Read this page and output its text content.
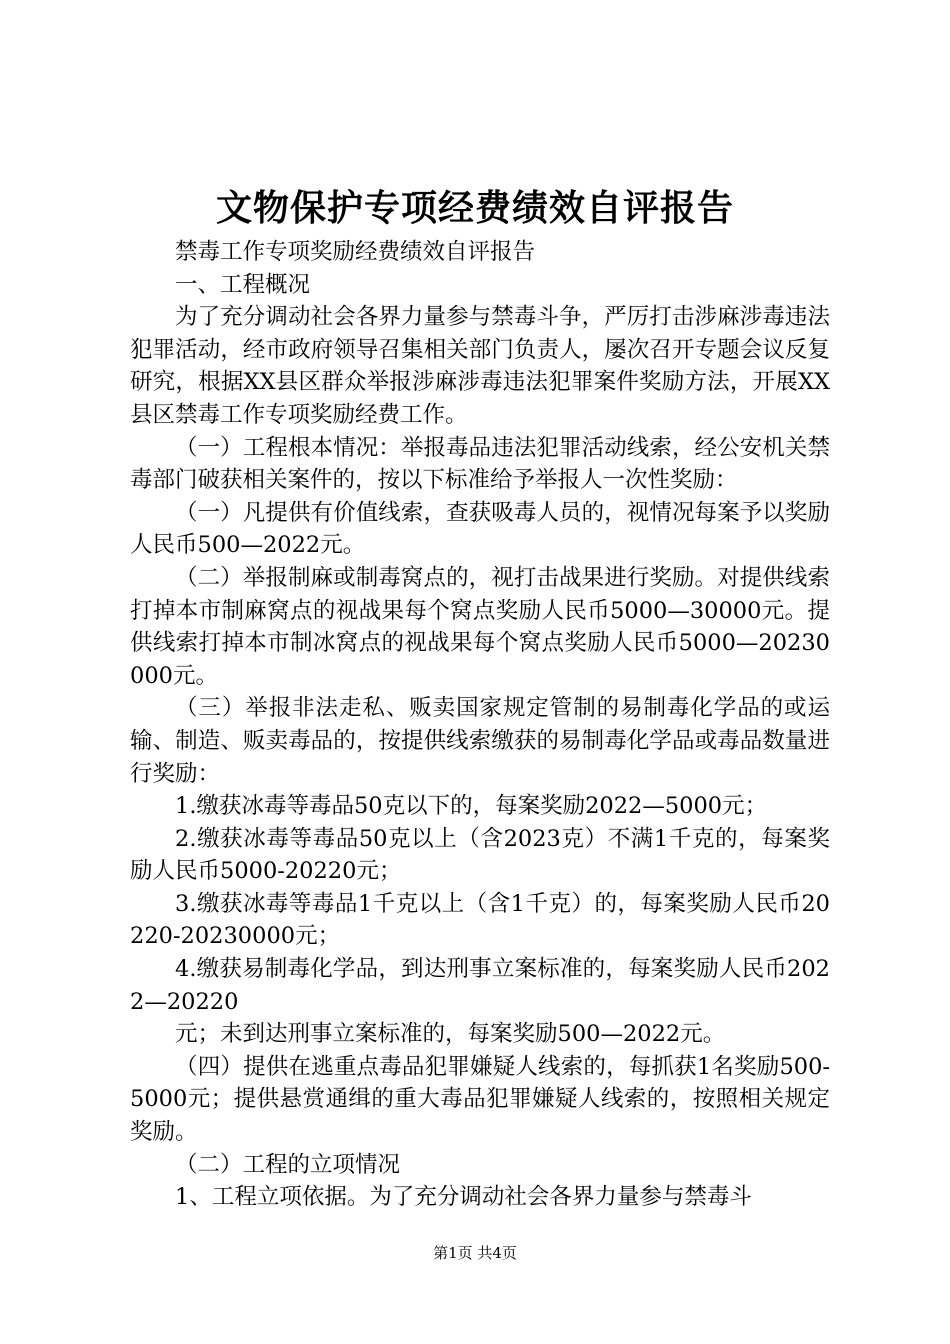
文物保护专项经费绩效自评报告

禁毒工作专项奖励经费绩效自评报告

一、工程概况

为了充分调动社会各界力量参与禁毒斗争，严厉打击涉麻涉毒违法犯罪活动，经市政府领导召集相关部门负责人，屡次召开专题会议反复研究，根据XX县区群众举报涉麻涉毒违法犯罪案件奖励方法，开展XX县区禁毒工作专项奖励经费工作。

（一）工程根本情况：举报毒品违法犯罪活动线索，经公安机关禁毒部门破获相关案件的，按以下标准给予举报人一次性奖励：

（一）凡提供有价值线索，查获吸毒人员的，视情况每案予以奖励人民币500—2022元。

（二）举报制麻或制毒窝点的，视打击战果进行奖励。对提供线索打掉本市制麻窝点的视战果每个窝点奖励人民币5000—30000元。提供线索打掉本市制冰窝点的视战果每个窝点奖励人民币5000—20230000元。

（三）举报非法走私、贩卖国家规定管制的易制毒化学品的或运输、制造、贩卖毒品的，按提供线索缴获的易制毒化学品或毒品数量进行奖励：

1.缴获冰毒等毒品50克以下的，每案奖励2022—5000元；

2.缴获冰毒等毒品50克以上（含2023克）不满1千克的，每案奖励人民币5000-20220元；

3.缴获冰毒等毒品1千克以上（含1千克）的，每案奖励人民币20220-20230000元；

4.缴获易制毒化学品，到达刑事立案标准的，每案奖励人民币2022—20220

元；未到达刑事立案标准的，每案奖励500—2022元。

（四）提供在逃重点毒品犯罪嫌疑人线索的，每抓获1名奖励500-5000元；提供悬赏通缉的重大毒品犯罪嫌疑人线索的，按照相关规定奖励。

（二）工程的立项情况

1、工程立项依据。为了充分调动社会各界力量参与禁毒斗

第1页 共4页
